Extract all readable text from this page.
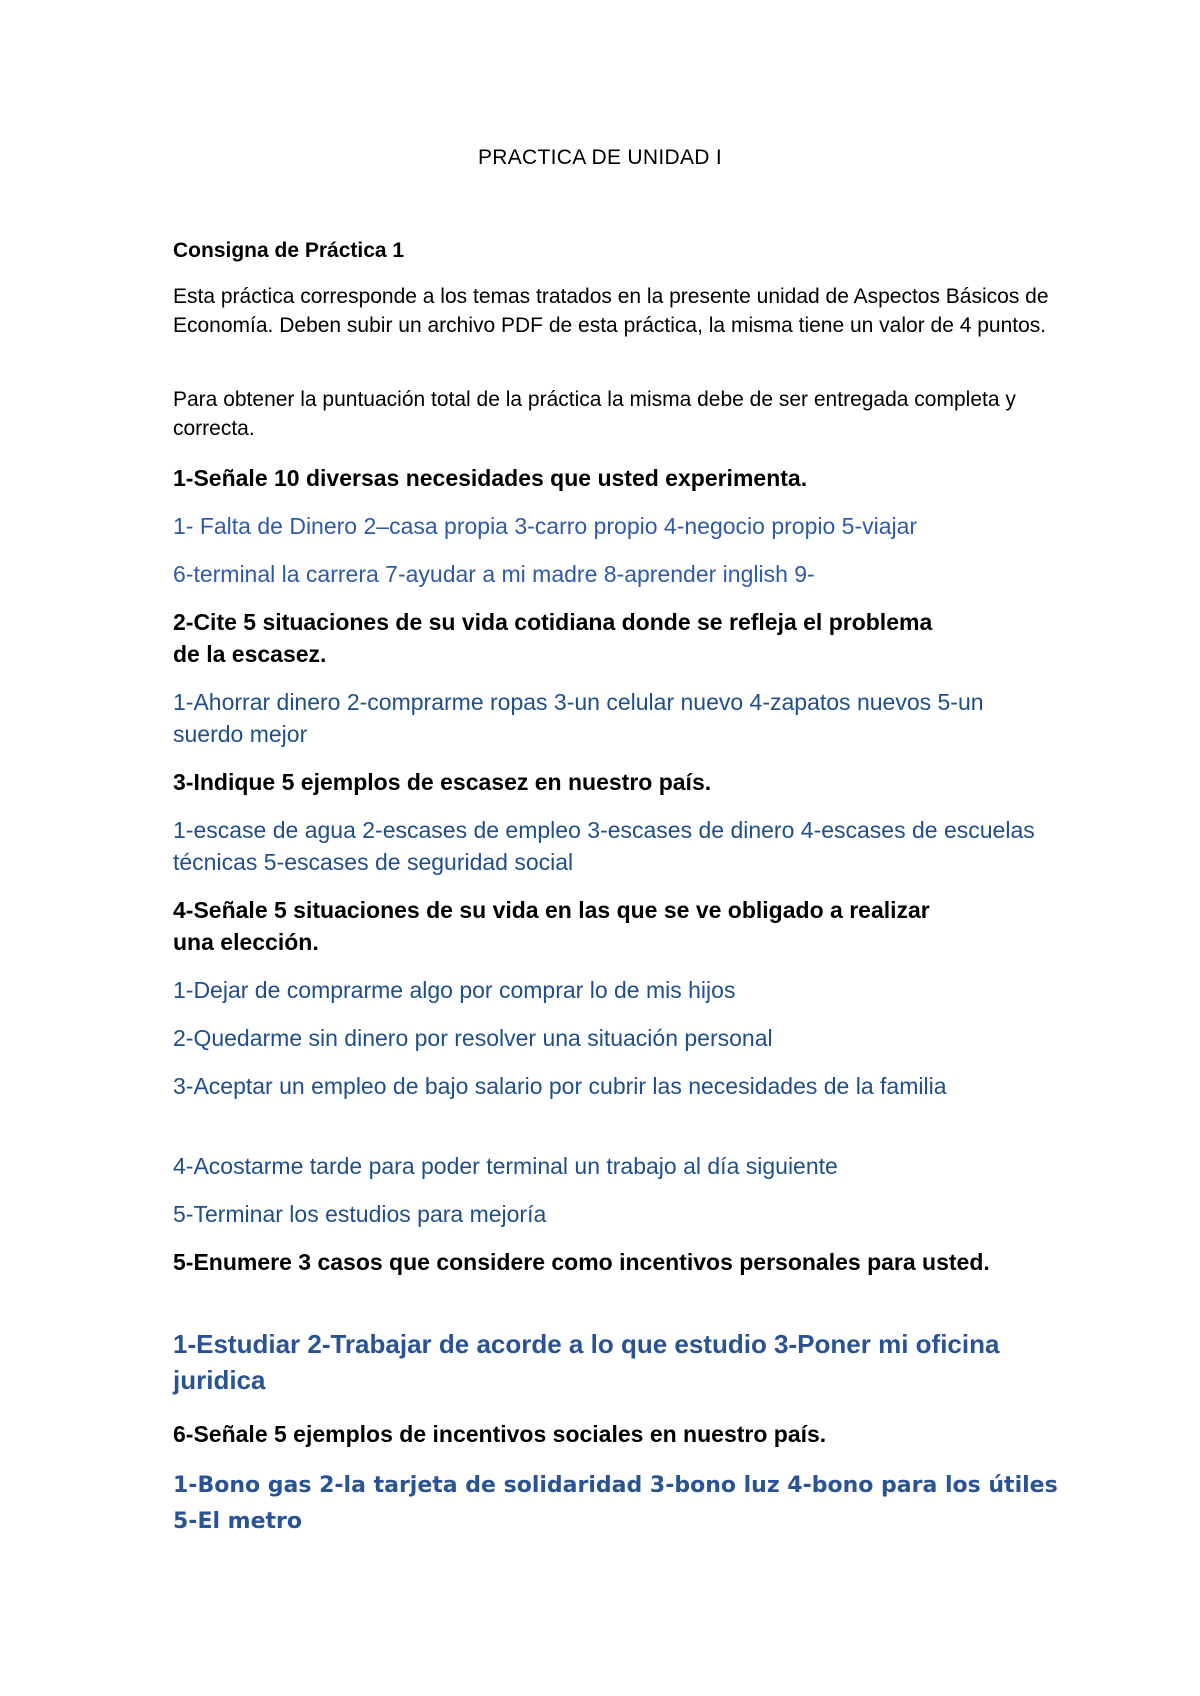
PRACTICA DE UNIDAD I

Consigna de Práctica 1

Esta práctica corresponde a los temas tratados en la presente unidad de Aspectos Básicos de Economía. Deben subir un archivo PDF de esta práctica, la misma tiene un valor de 4 puntos.

Para obtener la puntuación total de la práctica la misma debe de ser entregada completa y correcta.

1-Señale 10 diversas necesidades que usted experimenta.

1- Falta de Dinero 2–casa propia 3-carro propio 4-negocio propio 5-viajar

6-terminal la carrera 7-ayudar a mi madre 8-aprender inglish 9-

2-Cite 5 situaciones de su vida cotidiana donde se refleja el problema de la escasez.

1-Ahorrar dinero 2-comprarme ropas 3-un celular nuevo 4-zapatos nuevos 5-un suerdo mejor

3-Indique 5 ejemplos de escasez en nuestro país.

1-escase de agua 2-escases de empleo 3-escases de dinero 4-escases de escuelas técnicas 5-escases de seguridad social

4-Señale 5 situaciones de su vida en las que se ve obligado a realizar una elección.

1-Dejar de comprarme algo por comprar lo de mis hijos

2-Quedarme sin dinero por resolver una situación personal

3-Aceptar un empleo de bajo salario por cubrir las necesidades de la familia

4-Acostarme tarde para poder terminal un trabajo al día siguiente

5-Terminar los estudios para mejoría

5-Enumere 3 casos que considere como incentivos personales para usted.

1-Estudiar 2-Trabajar de acorde a lo que estudio 3-Poner mi oficina juridica

6-Señale 5 ejemplos de incentivos sociales en nuestro país.

1-Bono gas 2-la tarjeta de solidaridad 3-bono luz 4-bono para los útiles 5-El metro
